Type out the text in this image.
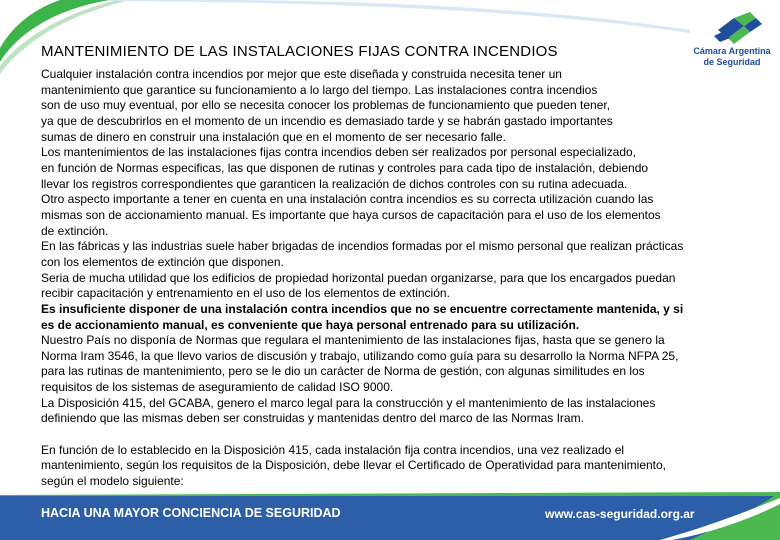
Cámara Argentina
de Seguridad
MANTENIMIENTO DE LAS INSTALACIONES FIJAS CONTRA INCENDIOS

Cualquier instalación contra incendios por mejor que este diseñada y construida necesita tener un

mantenimiento que garantice su funcionamiento a lo largo del tiempo. Las instalaciones contra incendios

son de uso muy eventual, por ello se necesita conocer los problemas de funcionamiento que pueden tener,

ya que de descubrirlos en el momento de un incendio es demasiado tarde y se habrán gastado importantes

sumas de dinero en construir una instalación que en el momento de ser necesario falle.

Los mantenimientos de las instalaciones fijas contra incendios deben ser realizados por personal especializado,

en función de Normas especificas, las que disponen de rutinas y controles para cada tipo de instalación, debiendo

llevar los registros correspondientes que garanticen la realización de dichos controles con su rutina adecuada.

Otro aspecto importante a tener en cuenta en una instalación contra incendios es su correcta utilización cuando las

mismas son de accionamiento manual. Es importante que haya cursos de capacitación para el uso de los elementos

de extinción.

En las fábricas y las industrias suele haber brigadas de incendios formadas por el mismo personal que realizan prácticas

con los elementos de extinción que disponen.

Seria de mucha utilidad que los edificios de propiedad horizontal puedan organizarse, para que los encargados puedan

recibir capacitación y entrenamiento en el uso de los elementos de extinción.

Es insuficiente disponer de una instalación contra incendios que no se encuentre correctamente mantenida, y si

es de accionamiento manual, es conveniente que haya personal entrenado para su utilización.

Nuestro País no disponía de Normas que regulara el mantenimiento de las instalaciones fijas, hasta que se genero la

Norma Iram 3546, la que llevo varios de discusión y trabajo, utilizando como guía para su desarrollo la Norma NFPA 25,

para las rutinas de mantenimiento, pero se le dio un carácter de Norma de gestión, con algunas similitudes en los

requisitos de los sistemas de aseguramiento de calidad ISO 9000.

La Disposición 415, del GCABA, genero el marco legal para la construcción y el mantenimiento de las instalaciones

definiendo que las mismas deben ser construidas y mantenidas dentro del marco de las Normas Iram.

En función de lo establecido en la Disposición 415, cada instalación fija contra incendios, una vez realizado el

mantenimiento, según los requisitos de la Disposición, debe llevar el Certificado de Operatividad para mantenimiento,

según el modelo siguiente:

HACIA UNA MAYOR CONCIENCIA DE SEGURIDAD	www.cas-seguridad.org.ar
